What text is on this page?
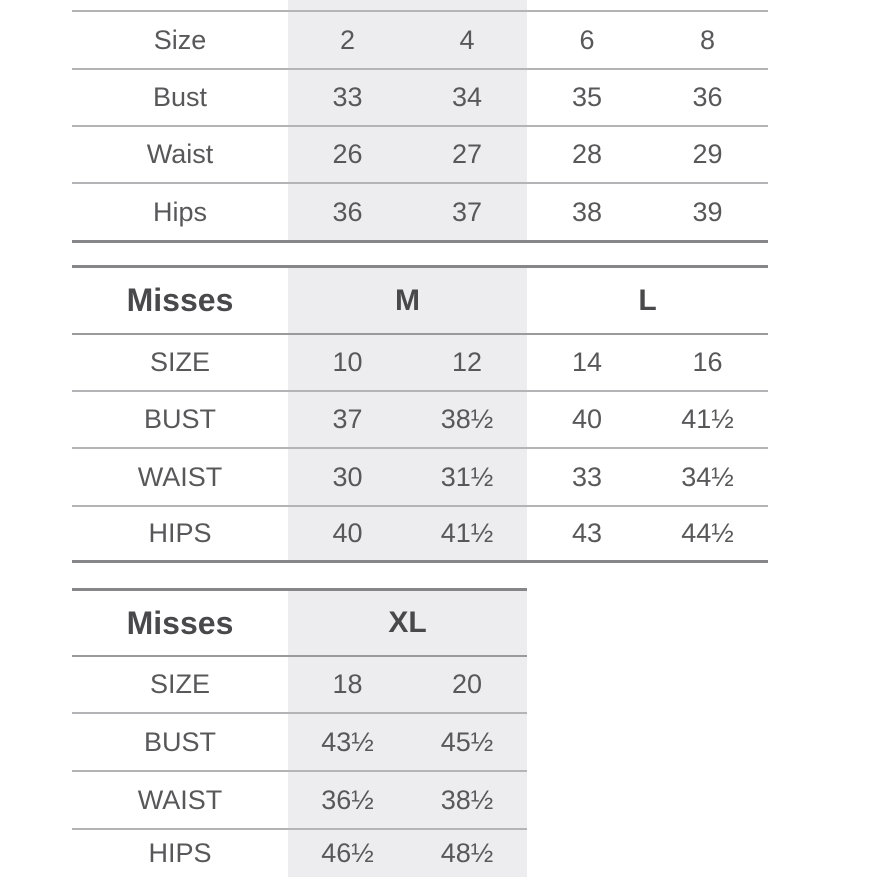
Size	2	4	6	8
Bust	33	34	35	36
Waist	26	27	28	29
Hips	36	37	38	39
Misses	M	L
SIZE	10	12	14	16
BUST	37	38½	40	41½
WAIST	30	31½	33	34½
HIPS	40	41½	43	44½
Misses	XL
SIZE	18	20
BUST	43½	45½
WAIST	36½	38½
HIPS	46½	48½
